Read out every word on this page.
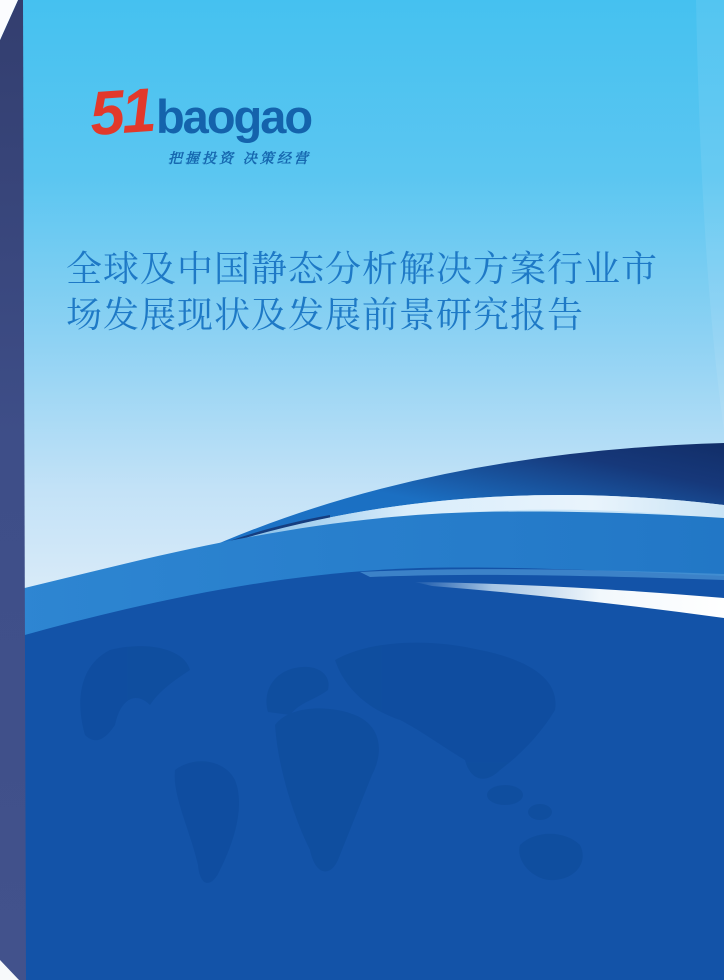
51 baogao
把握投资 决策经营
全球及中国静态分析解决方案行业市
场发展现状及发展前景研究报告
